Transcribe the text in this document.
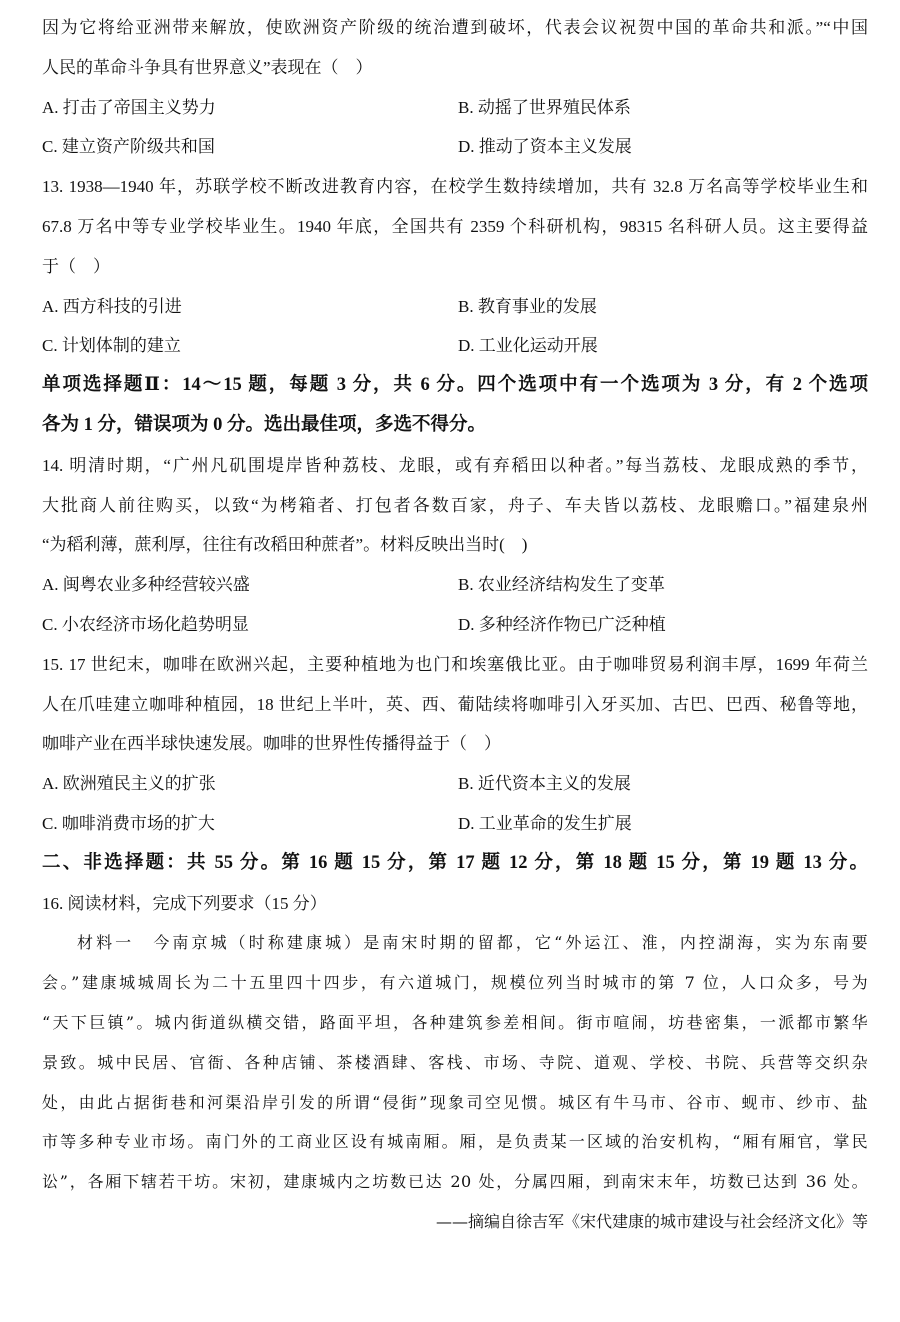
因为它将给亚洲带来解放，使欧洲资产阶级的统治遭到破坏，代表会议祝贺中国的革命共和派。”“中国
人民的革命斗争具有世界意义”表现在（    ）

A. 打击了帝国主义势力

	B. 动摇了世界殖民体系

C. 建立资产阶级共和国

	D. 推动了资本主义发展

13. 1938—1940 年，苏联学校不断改进教育内容，在校学生数持续增加，共有 32.8 万名高等学校毕业生和
67.8 万名中等专业学校毕业生。1940 年底，全国共有 2359 个科研机构，98315 名科研人员。这主要得益
于（    ）

A. 西方科技的引进

	B. 教育事业的发展

C. 计划体制的建立

	D. 工业化运动开展

单项选择题Ⅱ：14～15 题，每题 3 分，共 6 分。四个选项中有一个选项为 3 分，有 2 个选项
各为 1 分，错误项为 0 分。选出最佳项，多选不得分。
14. 明清时期，“广州凡矶围堤岸皆种荔枝、龙眼，或有弃稻田以种者。”每当荔枝、龙眼成熟的季节，
大批商人前往购买，以致“为栲箱者、打包者各数百家，舟子、车夫皆以荔枝、龙眼赡口。”福建泉州
“为稻利薄，蔗利厚，往往有改稻田种蔗者”。材料反映出当时(    )

A. 闽粤农业多种经营较兴盛

	B. 农业经济结构发生了变革

C. 小农经济市场化趋势明显

	D. 多种经济作物已广泛种植

15. 17 世纪末，咖啡在欧洲兴起，主要种植地为也门和埃塞俄比亚。由于咖啡贸易利润丰厚，1699 年荷兰
人在爪哇建立咖啡种植园，18 世纪上半叶，英、西、葡陆续将咖啡引入牙买加、古巴、巴西、秘鲁等地，
咖啡产业在西半球快速发展。咖啡的世界性传播得益于（    ）

A. 欧洲殖民主义的扩张

	B. 近代资本主义的发展

C. 咖啡消费市场的扩大

	D. 工业革命的发生扩展

二、非选择题：共 55 分。第 16 题 15 分，第 17 题 12 分，第 18 题 15 分，第 19 题 13 分。
16. 阅读材料，完成下列要求（15 分）
材料一　今南京城（时称建康城）是南宋时期的留都，它“外运江、淮，内控湖海，实为东南要
会。”建康城城周长为二十五里四十四步，有六道城门，规模位列当时城市的第 7 位，人口众多，号为
“天下巨镇”。城内街道纵横交错，路面平坦，各种建筑参差相间。街市喧闹，坊巷密集，一派都市繁华
景致。城中民居、官衙、各种店铺、茶楼酒肆、客栈、市场、寺院、道观、学校、书院、兵营等交织杂
处，由此占据街巷和河渠沿岸引发的所谓“侵街”现象司空见惯。城区有牛马市、谷市、蚬市、纱市、盐
市等多种专业市场。南门外的工商业区设有城南厢。厢，是负责某一区域的治安机构，“厢有厢官，掌民
讼”，各厢下辖若干坊。宋初，建康城内之坊数已达 20 处，分属四厢，到南宋末年，坊数已达到 36 处。
——摘编自徐吉军《宋代建康的城市建设与社会经济文化》等
